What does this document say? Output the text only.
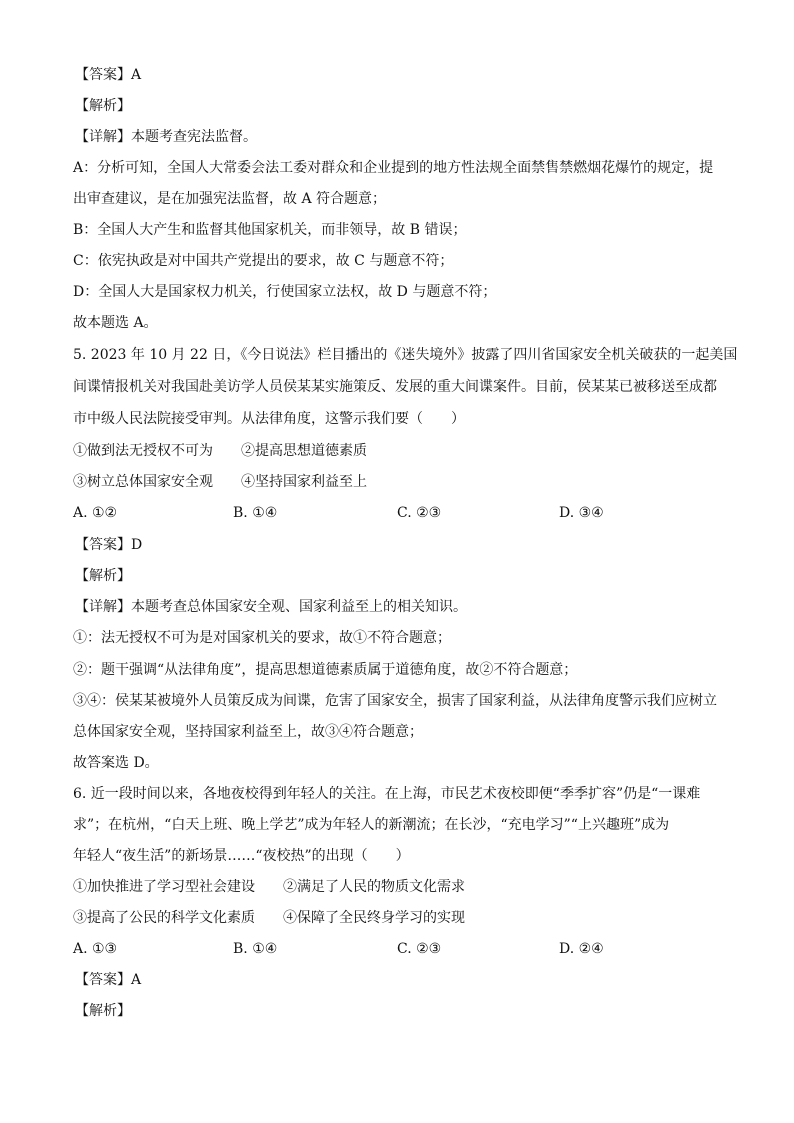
【答案】A
【解析】
【详解】本题考查宪法监督。
A：分析可知，全国人大常委会法工委对群众和企业提到的地方性法规全面禁售禁燃烟花爆竹的规定，提
出审查建议，是在加强宪法监督，故 A 符合题意；
B：全国人大产生和监督其他国家机关，而非领导，故 B 错误；
C：依宪执政是对中国共产党提出的要求，故 C 与题意不符；
D：全国人大是国家权力机关，行使国家立法权，故 D 与题意不符；
故本题选 A。
5. 2023 年 10 月 22 日，《今日说法》栏目播出的《迷失境外》披露了四川省国家安全机关破获的一起美国
间谍情报机关对我国赴美访学人员侯某某实施策反、发展的重大间谍案件。目前，侯某某已被移送至成都
市中级人民法院接受审判。从法律角度，这警示我们要（　　）
①做到法无授权不可为　　②提高思想道德素质
③树立总体国家安全观　　④坚持国家利益至上
A. ①②	B. ①④	C. ②③	D. ③④
【答案】D
【解析】
【详解】本题考查总体国家安全观、国家利益至上的相关知识。
①：法无授权不可为是对国家机关的要求，故①不符合题意；
②：题干强调“从法律角度”，提高思想道德素质属于道德角度，故②不符合题意；
③④：侯某某被境外人员策反成为间谍，危害了国家安全，损害了国家利益，从法律角度警示我们应树立
总体国家安全观，坚持国家利益至上，故③④符合题意；
故答案选 D。
6. 近一段时间以来，各地夜校得到年轻人的关注。在上海，市民艺术夜校即便“季季扩容”仍是“一课难
求”；在杭州，“白天上班、晚上学艺”成为年轻人的新潮流；在长沙，“充电学习”“上兴趣班”成为
年轻人“夜生活”的新场景……“夜校热”的出现（　　）
①加快推进了学习型社会建设　　②满足了人民的物质文化需求
③提高了公民的科学文化素质　　④保障了全民终身学习的实现
A. ①③	B. ①④	C. ②③	D. ②④
【答案】A
【解析】
